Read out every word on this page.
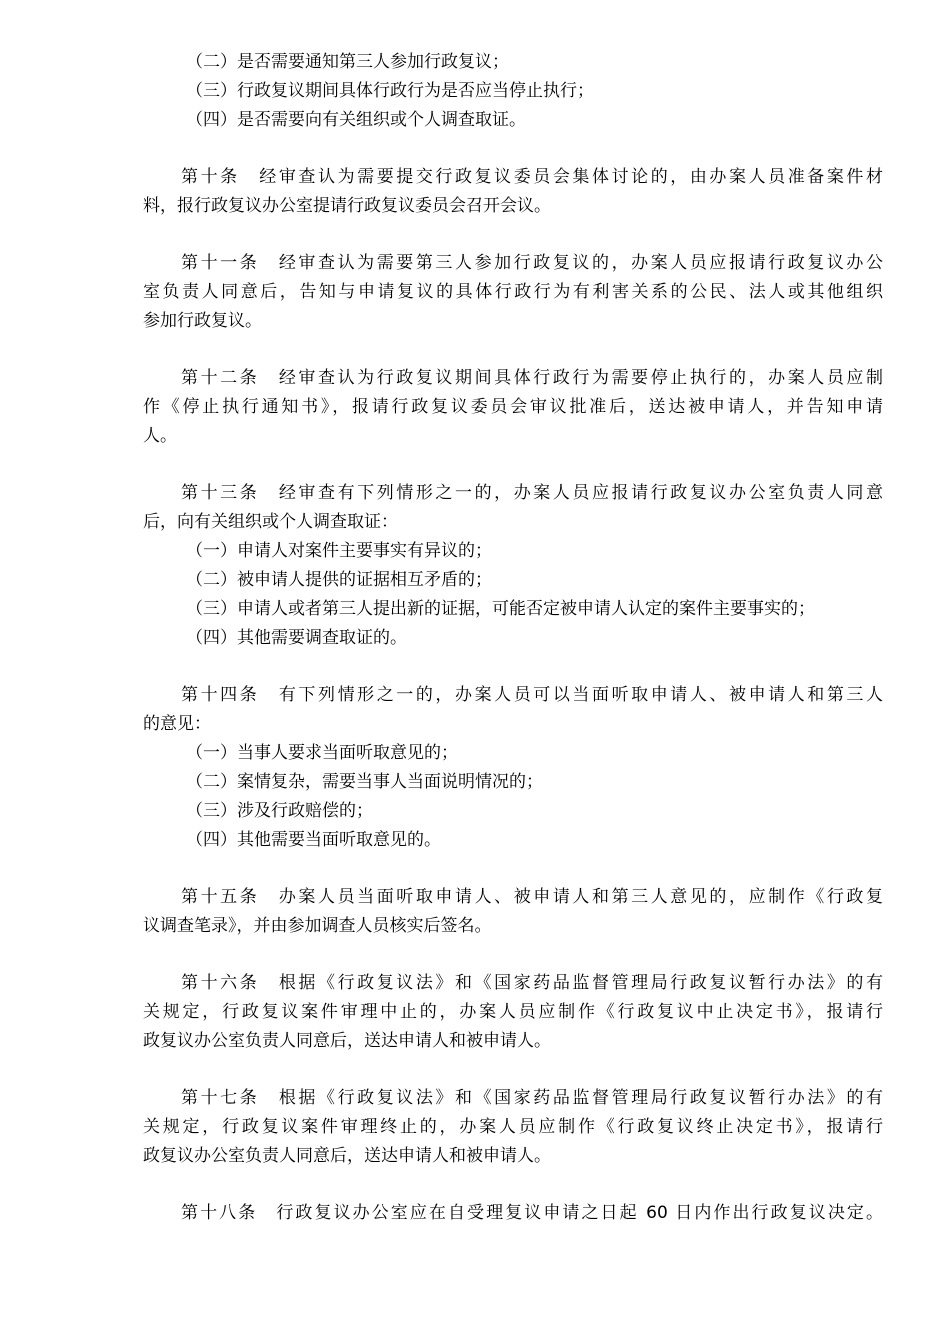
（二）是否需要通知第三人参加行政复议；
（三）行政复议期间具体行政行为是否应当停止执行；
（四）是否需要向有关组织或个人调查取证。
第十条　经审查认为需要提交行政复议委员会集体讨论的，由办案人员准备案件材
料，报行政复议办公室提请行政复议委员会召开会议。
第十一条　经审查认为需要第三人参加行政复议的，办案人员应报请行政复议办公
室负责人同意后，告知与申请复议的具体行政行为有利害关系的公民、法人或其他组织
参加行政复议。
第十二条　经审查认为行政复议期间具体行政行为需要停止执行的，办案人员应制
作《停止执行通知书》，报请行政复议委员会审议批准后，送达被申请人，并告知申请
人。
第十三条　经审查有下列情形之一的，办案人员应报请行政复议办公室负责人同意
后，向有关组织或个人调查取证：
（一）申请人对案件主要事实有异议的；
（二）被申请人提供的证据相互矛盾的；
（三）申请人或者第三人提出新的证据，可能否定被申请人认定的案件主要事实的；
（四）其他需要调查取证的。
第十四条　有下列情形之一的，办案人员可以当面听取申请人、被申请人和第三人
的意见：
（一）当事人要求当面听取意见的；
（二）案情复杂，需要当事人当面说明情况的；
（三）涉及行政赔偿的；
（四）其他需要当面听取意见的。
第十五条　办案人员当面听取申请人、被申请人和第三人意见的，应制作《行政复
议调查笔录》，并由参加调查人员核实后签名。
第十六条　根据《行政复议法》和《国家药品监督管理局行政复议暂行办法》的有
关规定，行政复议案件审理中止的，办案人员应制作《行政复议中止决定书》，报请行
政复议办公室负责人同意后，送达申请人和被申请人。
第十七条　根据《行政复议法》和《国家药品监督管理局行政复议暂行办法》的有
关规定，行政复议案件审理终止的，办案人员应制作《行政复议终止决定书》，报请行
政复议办公室负责人同意后，送达申请人和被申请人。
第十八条　行政复议办公室应在自受理复议申请之日起 60 日内作出行政复议决定。
